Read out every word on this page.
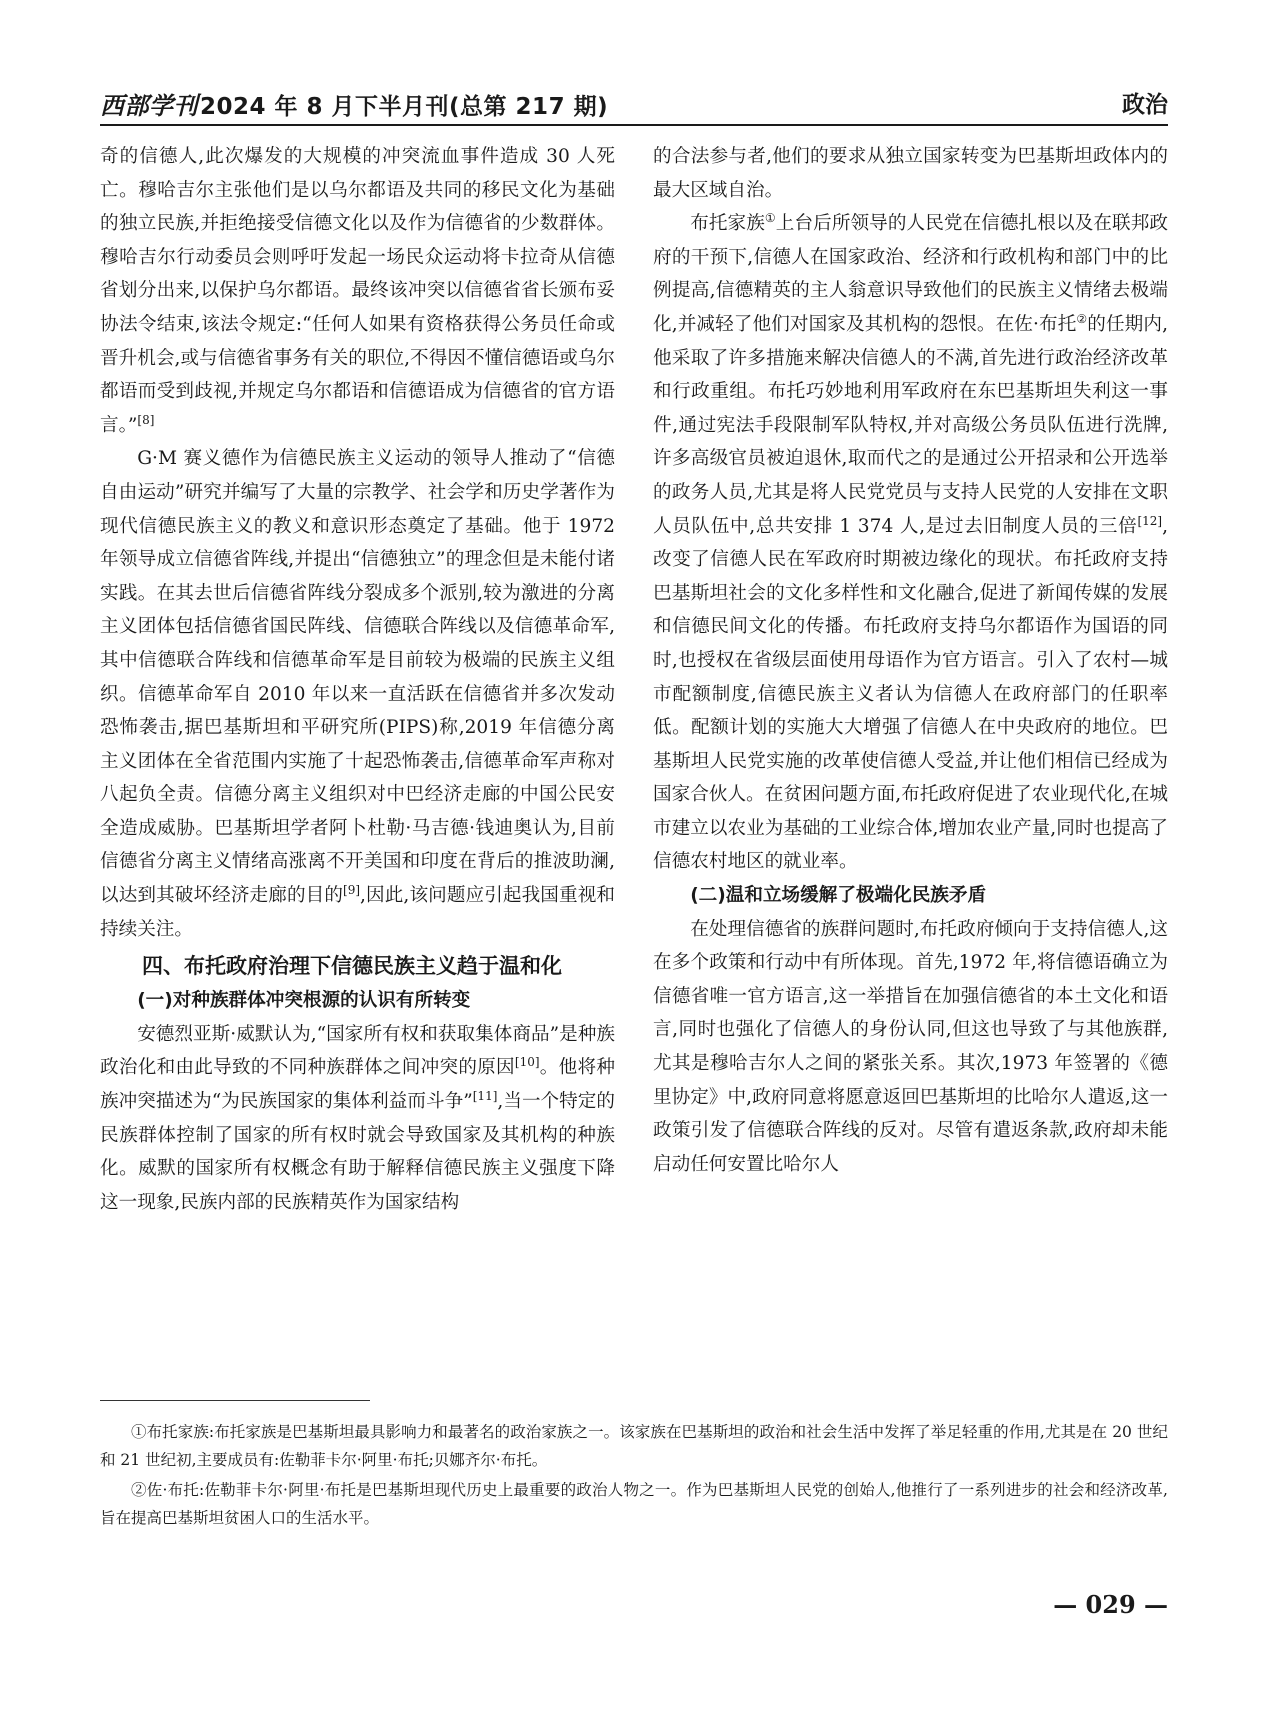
西部学刊2024 年 8 月下半月刊(总第 217 期)	政治

奇的信德人,此次爆发的大规模的冲突流血事件造成 30 人死亡。穆哈吉尔主张他们是以乌尔都语及共同的移民文化为基础的独立民族,并拒绝接受信德文化以及作为信德省的少数群体。穆哈吉尔行动委员会则呼吁发起一场民众运动将卡拉奇从信德省划分出来,以保护乌尔都语。最终该冲突以信德省省长颁布妥协法令结束,该法令规定:“任何人如果有资格获得公务员任命或晋升机会,或与信德省事务有关的职位,不得因不懂信德语或乌尔都语而受到歧视,并规定乌尔都语和信德语成为信德省的官方语言。”[8]

G·M 赛义德作为信德民族主义运动的领导人推动了“信德自由运动”研究并编写了大量的宗教学、社会学和历史学著作为现代信德民族主义的教义和意识形态奠定了基础。他于 1972 年领导成立信德省阵线,并提出“信德独立”的理念但是未能付诸实践。在其去世后信德省阵线分裂成多个派别,较为激进的分离主义团体包括信德省国民阵线、信德联合阵线以及信德革命军,其中信德联合阵线和信德革命军是目前较为极端的民族主义组织。信德革命军自 2010 年以来一直活跃在信德省并多次发动恐怖袭击,据巴基斯坦和平研究所(PIPS)称,2019 年信德分离主义团体在全省范围内实施了十起恐怖袭击,信德革命军声称对八起负全责。信德分离主义组织对中巴经济走廊的中国公民安全造成威胁。巴基斯坦学者阿卜杜勒·马吉德·钱迪奥认为,目前信德省分离主义情绪高涨离不开美国和印度在背后的推波助澜,以达到其破坏经济走廊的目的[9],因此,该问题应引起我国重视和持续关注。

四、布托政府治理下信德民族主义趋于温和化
(一)对种族群体冲突根源的认识有所转变

安德烈亚斯·威默认为,“国家所有权和获取集体商品”是种族政治化和由此导致的不同种族群体之间冲突的原因[10]。他将种族冲突描述为“为民族国家的集体利益而斗争”[11],当一个特定的民族群体控制了国家的所有权时就会导致国家及其机构的种族化。威默的国家所有权概念有助于解释信德民族主义强度下降这一现象,民族内部的民族精英作为国家结构

的合法参与者,他们的要求从独立国家转变为巴基斯坦政体内的最大区域自治。

布托家族①上台后所领导的人民党在信德扎根以及在联邦政府的干预下,信德人在国家政治、经济和行政机构和部门中的比例提高,信德精英的主人翁意识导致他们的民族主义情绪去极端化,并减轻了他们对国家及其机构的怨恨。在佐·布托②的任期内,他采取了许多措施来解决信德人的不满,首先进行政治经济改革和行政重组。布托巧妙地利用军政府在东巴基斯坦失利这一事件,通过宪法手段限制军队特权,并对高级公务员队伍进行洗牌,许多高级官员被迫退休,取而代之的是通过公开招录和公开选举的政务人员,尤其是将人民党党员与支持人民党的人安排在文职人员队伍中,总共安排 1 374 人,是过去旧制度人员的三倍[12],改变了信德人民在军政府时期被边缘化的现状。布托政府支持巴基斯坦社会的文化多样性和文化融合,促进了新闻传媒的发展和信德民间文化的传播。布托政府支持乌尔都语作为国语的同时,也授权在省级层面使用母语作为官方语言。引入了农村—城市配额制度,信德民族主义者认为信德人在政府部门的任职率低。配额计划的实施大大增强了信德人在中央政府的地位。巴基斯坦人民党实施的改革使信德人受益,并让他们相信已经成为国家合伙人。在贫困问题方面,布托政府促进了农业现代化,在城市建立以农业为基础的工业综合体,增加农业产量,同时也提高了信德农村地区的就业率。

(二)温和立场缓解了极端化民族矛盾

在处理信德省的族群问题时,布托政府倾向于支持信德人,这在多个政策和行动中有所体现。首先,1972 年,将信德语确立为信德省唯一官方语言,这一举措旨在加强信德省的本土文化和语言,同时也强化了信德人的身份认同,但这也导致了与其他族群,尤其是穆哈吉尔人之间的紧张关系。其次,1973 年签署的《德里协定》中,政府同意将愿意返回巴基斯坦的比哈尔人遣返,这一政策引发了信德联合阵线的反对。尽管有遣返条款,政府却未能启动任何安置比哈尔人

①布托家族:布托家族是巴基斯坦最具影响力和最著名的政治家族之一。该家族在巴基斯坦的政治和社会生活中发挥了举足轻重的作用,尤其是在 20 世纪和 21 世纪初,主要成员有:佐勒菲卡尔·阿里·布托;贝娜齐尔·布托。

②佐·布托:佐勒菲卡尔·阿里·布托是巴基斯坦现代历史上最重要的政治人物之一。作为巴基斯坦人民党的创始人,他推行了一系列进步的社会和经济改革,旨在提高巴基斯坦贫困人口的生活水平。

— 029 —
